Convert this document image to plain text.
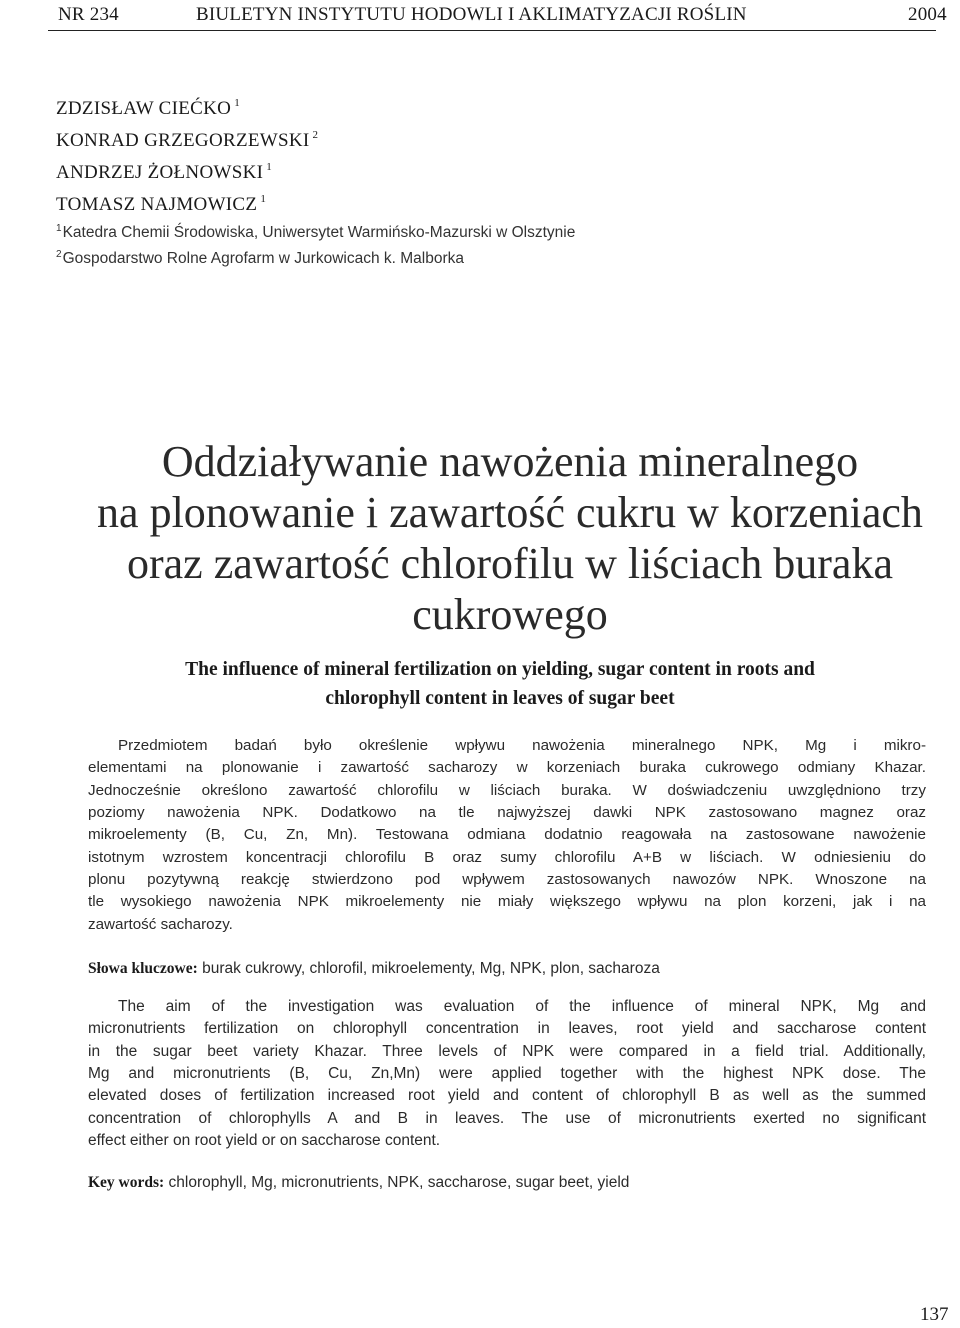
NR 234	BIULETYN INSTYTUTU HODOWLI I AKLIMATYZACJI ROŚLIN	2004
ZDZISŁAW CIEĆKO $^1$
KONRAD GRZEGORZEWSKI $^2$
ANDRZEJ ŻOŁNOWSKI $^1$
TOMASZ NAJMOWICZ $^1$
$^1$Katedra Chemii Środowiska, Uniwersytet Warmińsko-Mazurski w Olsztynie
$^2$Gospodarstwo Rolne Agrofarm w Jurkowicach k. Malborka
Oddziaływanie nawożenia mineralnego
na plonowanie i zawartość cukru w korzeniach
oraz zawartość chlorofilu w liściach buraka
cukrowego
The influence of mineral fertilization on yielding, sugar content in roots and
chlorophyll content in leaves of sugar beet
Przedmiotem badań było określenie wpływu nawożenia mineralnego NPK, Mg i mikro-
elementami na plonowanie i zawartość sacharozy w korzeniach buraka cukrowego odmiany Khazar.
Jednocześnie określono zawartość chlorofilu w liściach buraka. W doświadczeniu uwzględniono trzy
poziomy nawożenia NPK. Dodatkowo na tle najwyższej dawki NPK zastosowano magnez oraz
mikroelementy (B, Cu, Zn, Mn). Testowana odmiana dodatnio reagowała na zastosowane nawożenie
istotnym wzrostem koncentracji chlorofilu B oraz sumy chlorofilu A+B w liściach. W odniesieniu do
plonu pozytywną reakcję stwierdzono pod wpływem zastosowanych nawozów NPK. Wnoszone na
tle wysokiego nawożenia NPK mikroelementy nie miały większego wpływu na plon korzeni, jak i na
zawartość sacharozy.
Słowa kluczowe: burak cukrowy, chlorofil, mikroelementy, Mg, NPK, plon, sacharoza
The aim of the investigation was evaluation of the influence of mineral NPK, Mg and
micronutrients fertilization on chlorophyll concentration in leaves, root yield and saccharose content
in the sugar beet variety Khazar. Three levels of NPK were compared in a field trial. Additionally,
Mg and micronutrients (B, Cu, Zn,Mn) were applied together with the highest NPK dose. The
elevated doses of fertilization increased root yield and content of chlorophyll B as well as the summed
concentration of chlorophylls A and B in leaves. The use of micronutrients exerted no significant
effect either on root yield or on saccharose content.
Key words: chlorophyll, Mg, micronutrients, NPK, saccharose, sugar beet, yield
137
